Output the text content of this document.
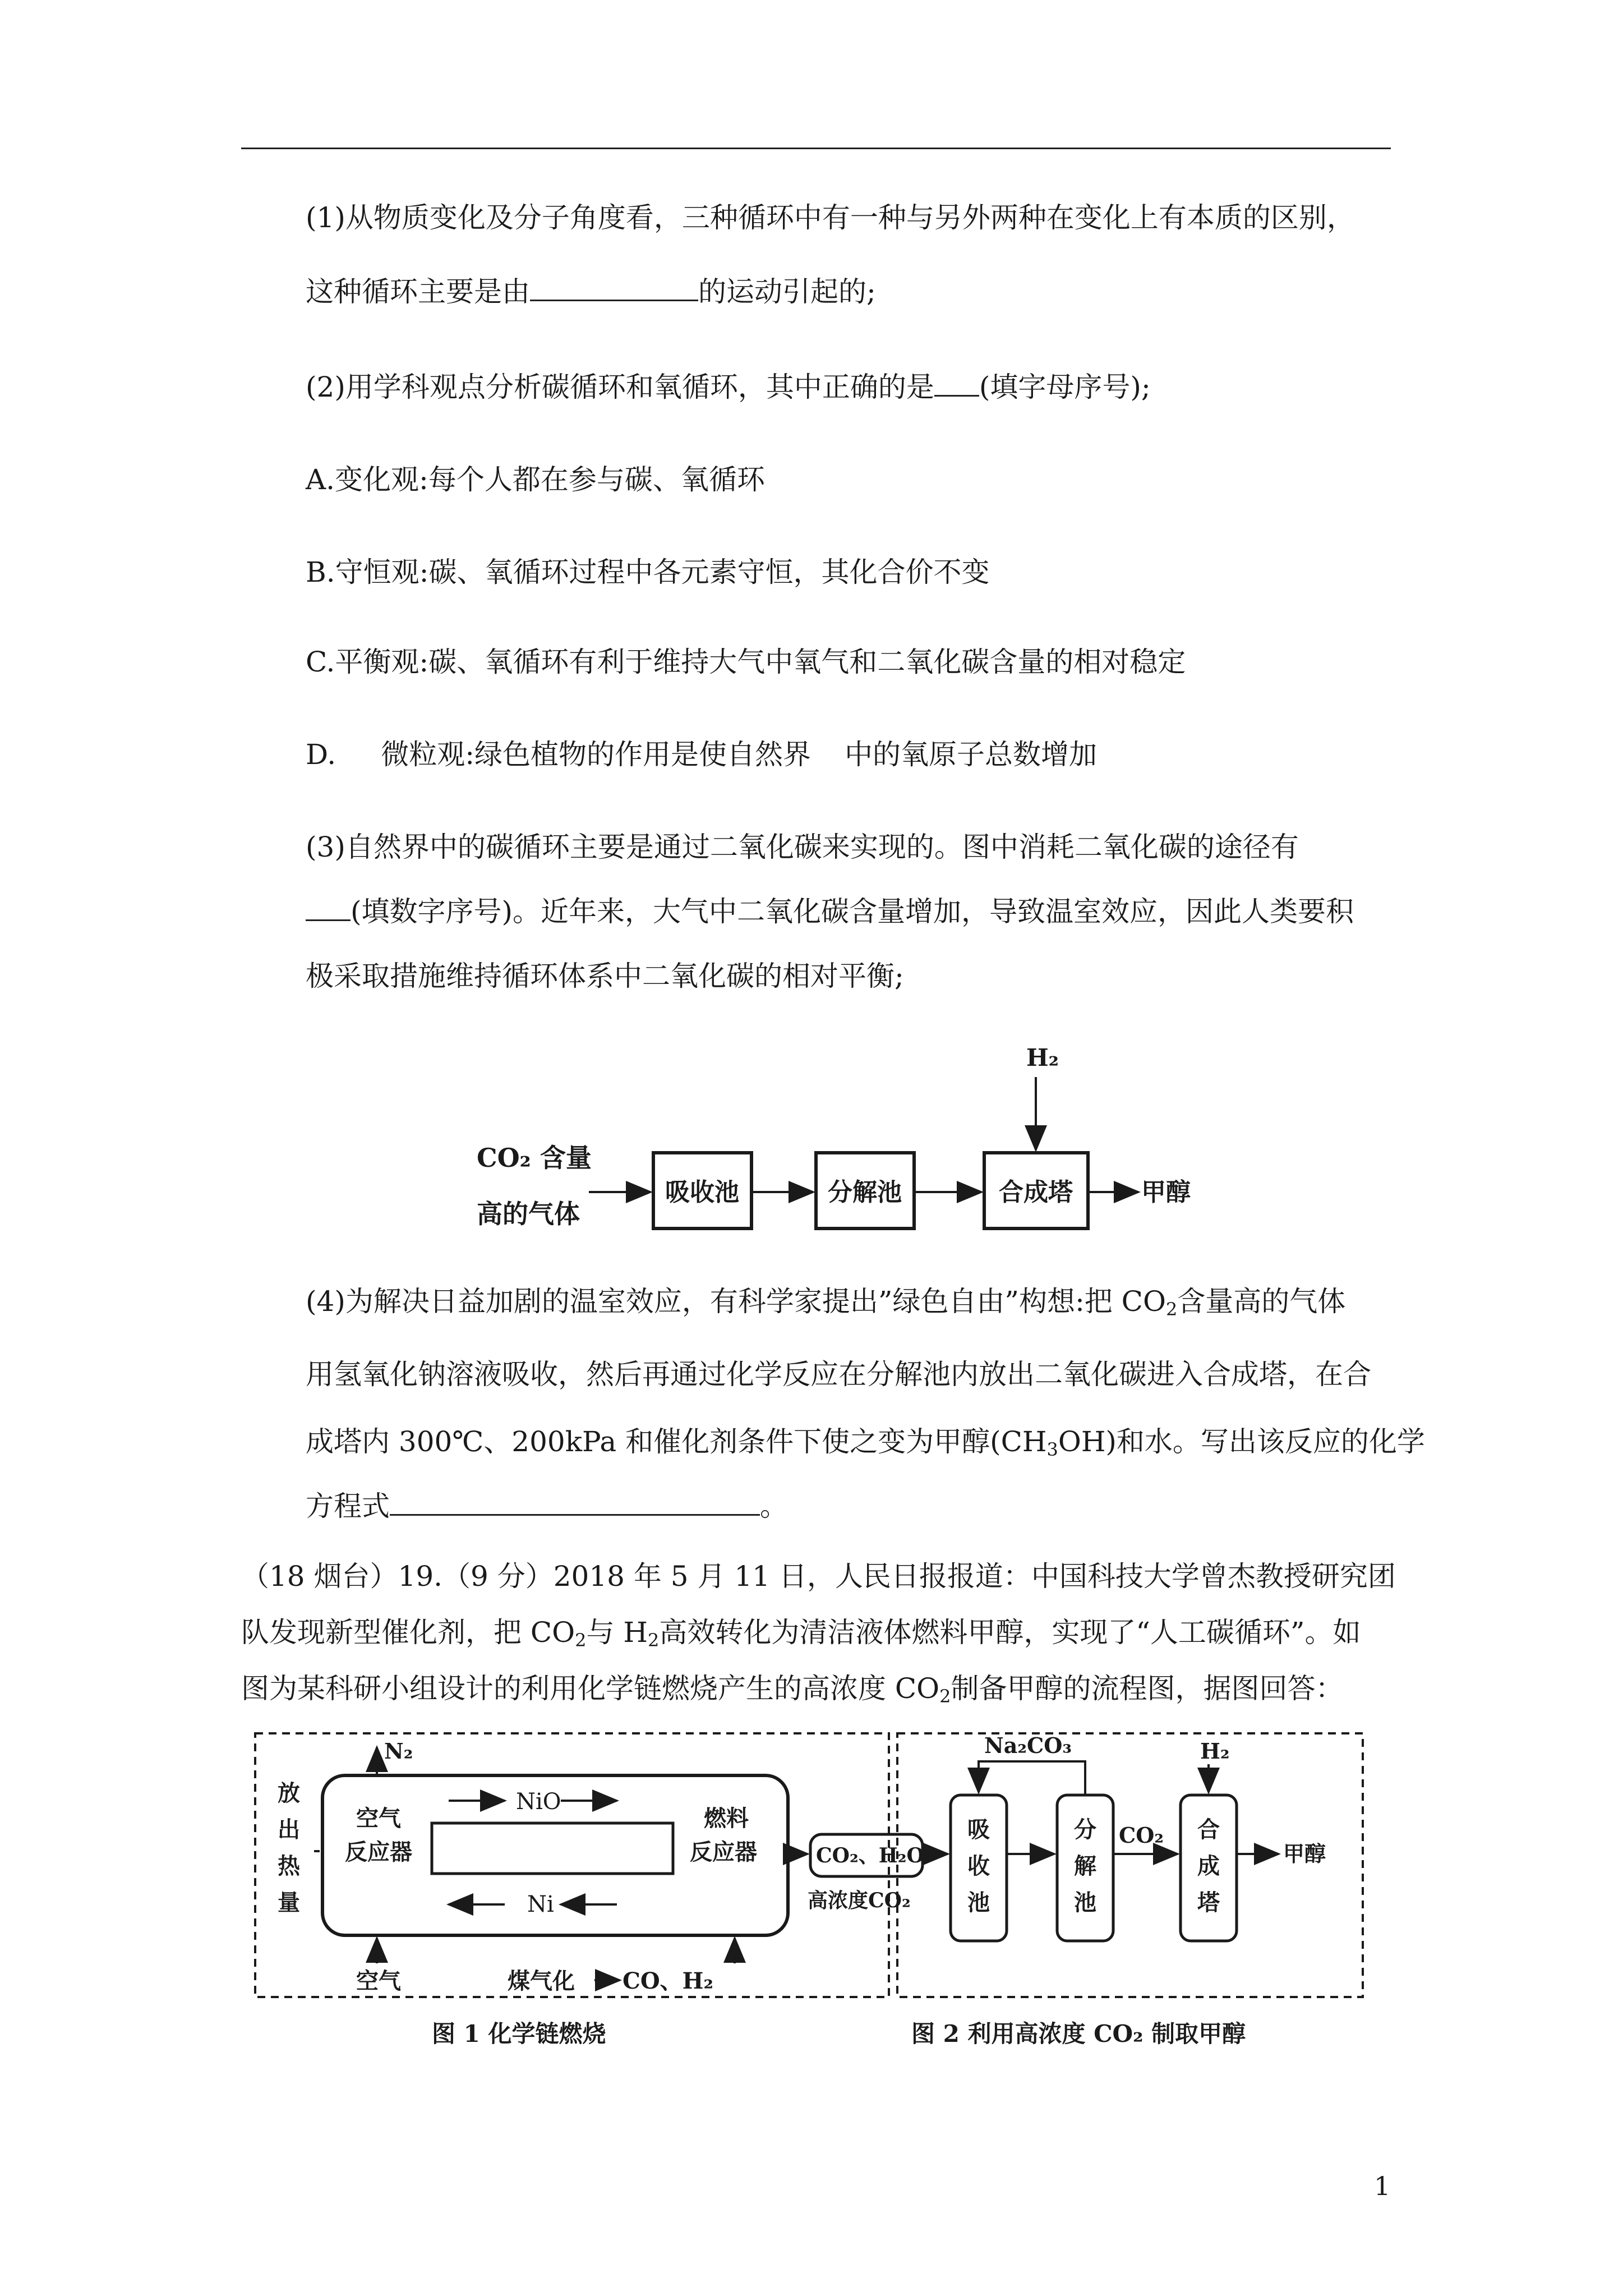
(1)从物质变化及分子角度看，三种循环中有一种与另外两种在变化上有本质的区别，
这种循环主要是由	的运动引起的;
(2)用学科观点分析碳循环和氧循环，其中正确的是 (填字母序号);
A.变化观:每个人都在参与碳、氧循环
B.守恒观:碳、氧循环过程中各元素守恒，其化合价不变
C.平衡观:碳、氧循环有利于维持大气中氧气和二氧化碳含量的相对稳定
D. 微粒观:绿色植物的作用是使自然界 中的氧原子总数增加
(3)自然界中的碳循环主要是通过二氧化碳来实现的。图中消耗二氧化碳的途径有
(填数字序号)。近年来，大气中二氧化碳含量增加，导致温室效应，因此人类要积
极采取措施维持循环体系中二氧化碳的相对平衡;
CO₂ 含量
高的气体
吸收池	分解池	合成塔
H₂
甲醇
(4)为解决日益加剧的温室效应，有科学家提出”绿色自由”构想:把 $CO_2$含量高的气体
用氢氧化钠溶液吸收，然后再通过化学反应在分解池内放出二氧化碳进入合成塔，在合
成塔内 300℃、200kPa 和催化剂条件下使之变为甲醇$(CH_3OH)$和水。写出该反应的化学
方程式	。
（18 烟台）19.（9 分）2018 年 5 月 11 日，人民日报报道：中国科技大学曾杰教授研究团
队发现新型催化剂，把 $CO_2$与 $H_2$高效转化为清洁液体燃料甲醇，实现了“人工碳循环”。如
图为某科研小组设计的利用化学链燃烧产生的高浓度 $CO_2$制备甲醇的流程图，据图回答：
放
出
热
量
空气
反应器
燃料
反应器
NiO
Ni
N₂
空气	煤气化 CO、H₂
CO₂、H₂O
高浓度CO₂
图 1 化学链燃烧
吸
收
池
分
解
池
Na₂CO₃
CO₂ 合
成
塔
H₂
甲醇
图 2 利用高浓度 CO₂ 制取甲醇
1
